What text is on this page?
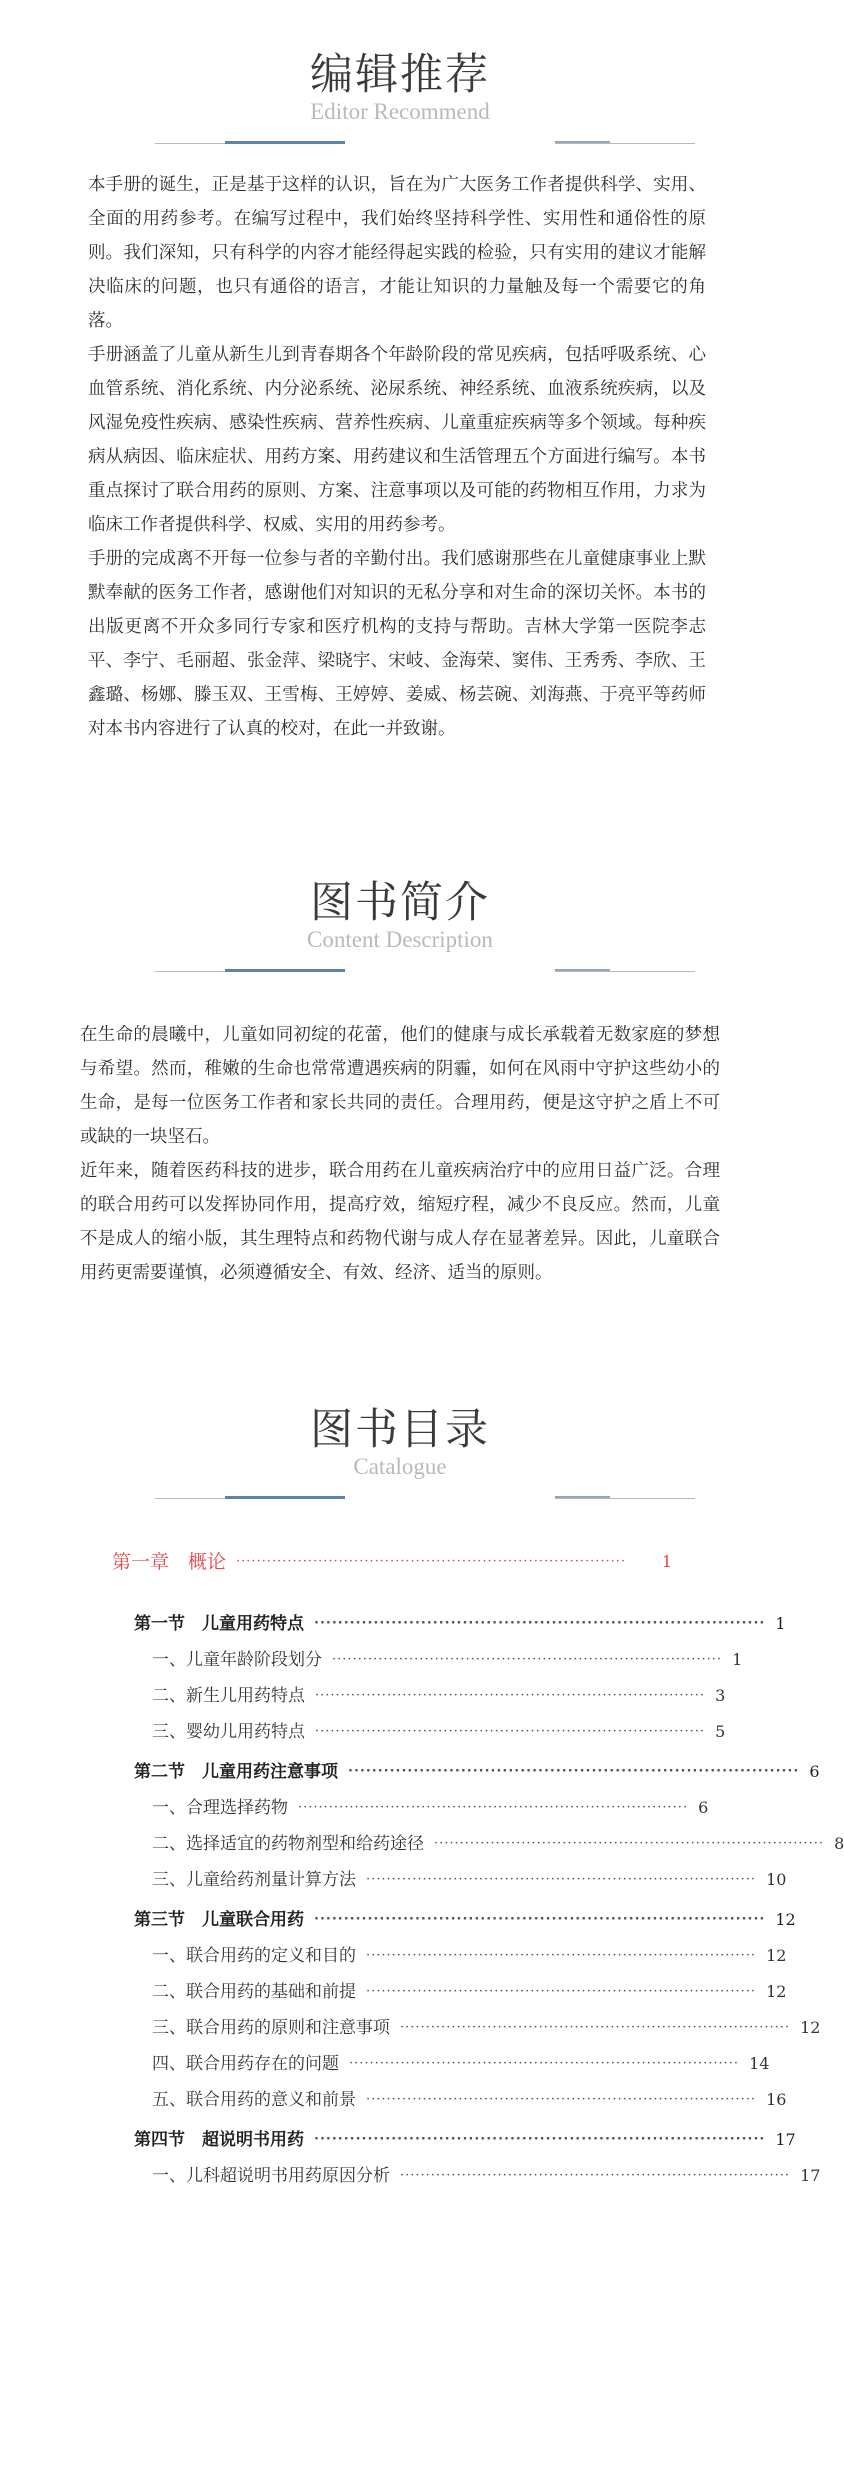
编辑推荐
Editor Recommend

本手册的诞生，正是基于这样的认识，旨在为广大医务工作者提供科学、实用、全面的用药参考。在编写过程中，我们始终坚持科学性、实用性和通俗性的原则。我们深知，只有科学的内容才能经得起实践的检验，只有实用的建议才能解决临床的问题，也只有通俗的语言，才能让知识的力量触及每一个需要它的角落。

手册涵盖了儿童从新生儿到青春期各个年龄阶段的常见疾病，包括呼吸系统、心血管系统、消化系统、内分泌系统、泌尿系统、神经系统、血液系统疾病，以及风湿免疫性疾病、感染性疾病、营养性疾病、儿童重症疾病等多个领域。每种疾病从病因、临床症状、用药方案、用药建议和生活管理五个方面进行编写。本书重点探讨了联合用药的原则、方案、注意事项以及可能的药物相互作用，力求为临床工作者提供科学、权威、实用的用药参考。

手册的完成离不开每一位参与者的辛勤付出。我们感谢那些在儿童健康事业上默默奉献的医务工作者，感谢他们对知识的无私分享和对生命的深切关怀。本书的出版更离不开众多同行专家和医疗机构的支持与帮助。吉林大学第一医院李志平、李宁、毛丽超、张金萍、梁晓宇、宋岐、金海荣、窦伟、王秀秀、李欣、王鑫璐、杨娜、滕玉双、王雪梅、王婷婷、姜威、杨芸碗、刘海燕、于亮平等药师对本书内容进行了认真的校对，在此一并致谢。

图书简介
Content Description

在生命的晨曦中，儿童如同初绽的花蕾，他们的健康与成长承载着无数家庭的梦想与希望。然而，稚嫩的生命也常常遭遇疾病的阴霾，如何在风雨中守护这些幼小的生命，是每一位医务工作者和家长共同的责任。合理用药，便是这守护之盾上不可或缺的一块坚石。

近年来，随着医药科技的进步，联合用药在儿童疾病治疗中的应用日益广泛。合理的联合用药可以发挥协同作用，提高疗效，缩短疗程，减少不良反应。然而，儿童不是成人的缩小版，其生理特点和药物代谢与成人存在显著差异。因此，儿童联合用药更需要谨慎，必须遵循安全、有效、经济、适当的原则。

图书目录
Catalogue
第一章　概论 ············································································	1
第一节　儿童用药特点 ············································································ 1
一、儿童年龄阶段划分 ············································································ 1
二、新生儿用药特点 ············································································ 3
三、婴幼儿用药特点 ············································································ 5
第二节　儿童用药注意事项 ············································································ 6
一、合理选择药物 ············································································ 6
二、选择适宜的药物剂型和给药途径 ············································································ 8
三、儿童给药剂量计算方法 ············································································ 10
第三节　儿童联合用药 ············································································ 12
一、联合用药的定义和目的 ············································································ 12
二、联合用药的基础和前提 ············································································ 12
三、联合用药的原则和注意事项 ············································································ 12
四、联合用药存在的问题 ············································································ 14
五、联合用药的意义和前景 ············································································ 16
第四节　超说明书用药 ············································································ 17
一、儿科超说明书用药原因分析 ············································································ 17
